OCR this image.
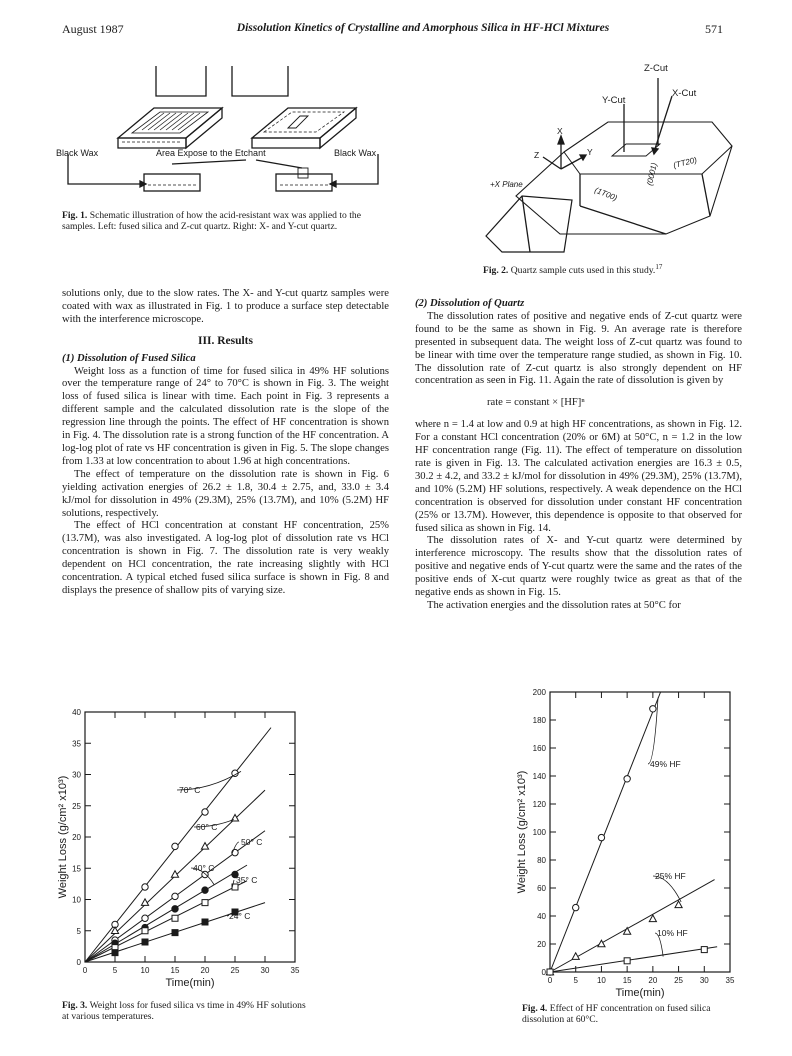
August 1987	Dissolution Kinetics of Crystalline and Amorphous Silica in HF-HCl Mixtures	571
Black Wax	Area Expose to the Etchant	Black Wax
Fig. 1. Schematic illustration of how the acid-resistant wax was applied to the samples. Left: fused silica and Z-cut quartz. Right: X- and Y-cut quartz.
Z-Cut
Y-Cut
X-Cut
X
Z	Y
+X Plane
(1T00)
(0001) (TT20)
Fig. 2. Quartz sample cuts used in this study.$^{17}$

solutions only, due to the slow rates. The X- and Y-cut quartz samples were coated with wax as illustrated in Fig. 1 to produce a surface step detectable with the interference microscope.

III. Results

(1) Dissolution of Fused Silica

Weight loss as a function of time for fused silica in 49% HF solutions over the temperature range of 24° to 70°C is shown in Fig. 3. The weight loss of fused silica is linear with time. Each point in Fig. 3 represents a different sample and the calculated dissolution rate is the slope of the regression line through the points. The effect of HF concentration is shown in Fig. 4. The dissolution rate is a strong function of the HF concentration. A log-log plot of rate vs HF concentration is given in Fig. 5. The slope changes from 1.33 at low concentration to about 1.96 at high concentrations.

The effect of temperature on the dissolution rate is shown in Fig. 6 yielding activation energies of 26.2 ± 1.8, 30.4 ± 2.75, and, 33.0 ± 3.4 kJ/mol for dissolution in 49% (29.3M), 25% (13.7M), and 10% (5.2M) HF solutions, respectively.

The effect of HCl concentration at constant HF concentration, 25% (13.7M), was also investigated. A log-log plot of dissolution rate vs HCl concentration is shown in Fig. 7. The dissolution rate is very weakly dependent on HCl concentration, the rate increasing slightly with HCl concentration. A typical etched fused silica surface is shown in Fig. 8 and displays the presence of shallow pits of varying size.

(2) Dissolution of Quartz

The dissolution rates of positive and negative ends of Z-cut quartz were found to be the same as shown in Fig. 9. An average rate is therefore presented in subsequent data. The weight loss of Z-cut quartz was found to be linear with time over the temperature range studied, as shown in Fig. 10. The dissolution rate of Z-cut quartz is also strongly dependent on HF concentration as seen in Fig. 11. Again the rate of dissolution is given by

rate = constant × [HF]ⁿ

where n = 1.4 at low and 0.9 at high HF concentrations, as shown in Fig. 12. For a constant HCl concentration (20% or 6M) at 50°C, n = 1.2 in the low HF concentration range (Fig. 11). The effect of temperature on dissolution rate is given in Fig. 13. The calculated activation energies are 16.3 ± 0.5, 30.2 ± 4.2, and 33.2 ± kJ/mol for dissolution in 49% (29.3M), 25% (13.7M), and 10% (5.2M) HF solutions, respectively. A weak dependence on the HCl concentration is observed for dissolution under constant HF concentration (25% or 13.7M). However, this dependence is opposite to that observed for fused silica as shown in Fig. 14.

The dissolution rates of X- and Y-cut quartz were determined by interference microscopy. The results show that the dissolution rates of positive and negative ends of Y-cut quartz were the same and the rates of the positive ends of X-cut quartz were roughly twice as great as that of the negative ends as shown in Fig. 15.

The activation energies and the dissolution rates at 50°C for

0	5	10	15	20	25	30	35
0
5
10
15
20
25
30
35
40
Time(min)
Weight Loss (g/cm² x10³)	70° C
60° C
50° C
40° C
35° C
24° C
Fig. 3. Weight loss for fused silica vs time in 49% HF solutions at various temperatures.
0	5 10 15 20 25 30 35
0
20
40
60
80
100
120
140
160
180
200
Time(min)
Weight Loss (g/cm² x10³)
49% HF
25% HF
10% HF
Fig. 4. Effect of HF concentration on fused silica dissolution at 60°C.
